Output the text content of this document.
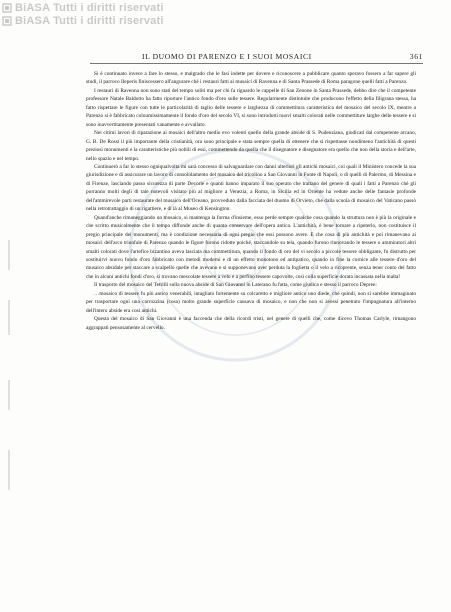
BiASA Tutti i diritti riservati
BiASA Tutti i diritti riservati
IL DUOMO DI PARENZO E I SUOI MOSAICI	361

Si è continuato invece a fare lo stesso, e malgrado che le fasi indette per dovere e riconoscere a pubblicare quanto speravo fossero a far sapere gli studi, il parroco Ileperis finiscessero all'angurare chè i restauri fatti ai musaici di Ravenna e di Santa Prassede di Roma paragone quelli fatti a Parenzo.

I restauri di Ravenna non sono stati del tempo soliti ma per chi fa riguardo le cappelle di San Zenone in Santa Prassede, debbo dire che il competente professore Natale Baldotto ha fatto riportare l'antico fondo d'oro sulle tessere. Regolarmente distintuite che producono l'effetto della filigrana stessa, ha fatto rispettare le figure con tutte le particolarità di taglio delle tessere e larghezza di commettitura caratteristica del mosaico del secolo IX, mentre a Parenzo si è fabbricato coloumissimamente il fondo d'oro del secolo VI, si sono introdotti nuovi smalti colorati nelle commettiture larghe delle tessere e si sono inavvertitamente presentati vanamente e avvallato.

Nei citimi lavori di riparazione ai mosaici dell'altro medio evo volenti quello della grande abside di S. Pudenziana, giudicati dal competente arcano, G. B. De Rossi il più importante della cristianità, ora sono principale e stata sempre quella di ottenere che si rispettasse nondimeno l'antichità di questi preziosi monumenti e la caratteristiche più nobili di essi, commettendo da quella che il disegnatore e disegnatore era quello che non della storia e dell'arte, nello spazio e nel tempo.

Continuerò a far lo stesso ogniqualvolta mi sarà concesso di salvaguardare con danni ulteriori gli antichi mosaici, coi quali il Ministero concede la sua giurisdizione e di assicurare un lavoro di consolidamento del mosaico del tricolino a San Giovanni in Fonte di Napoli, o di quelli di Palermo, di Messina e di Firenze, lasciando passo sicurezza di parte Decorie e quanti hanno imparato il suo operato che trattano del genere di quali i fatti a Parenzo chè gli porranno molti degli di tale notevoli visitato più al migliore a Venezia, a Roma, in Sicilia ed in Oriente ha vedute anche delle fantasie profonde dell'ammirevole parti restaurate del musaico dell'Oceano, provveduto dalla facciata del duomo di Orvieto, che dalla scuola di mosaico del Vaticano passò nella retrotrattaggio di un rigattiere, e di là al Museo di Kensington.

Quand'anche rimaneggiando un mosaico, si mantenga la forma d'insieme, esso perde sempre qualche cosa quando la struttura non è più la originale e che scritto musicalmente che il tempo diffonde anche di quanto conservare dell'opera antica. L'antichità, è bene tornare a ripeterlo, non costituisce il pregio principale dei monumenti, ma è condizione necessaria di ogni pregio che essi possono avere. E che cosa di più antichità e poi rimanevano ai mosaici dell'arco trionfale di Parenzo quando le figure furono ridotte poiché, staccandole su tela, quando furono rinnovando le tessere o ammiratori altri smalti colorati dove l'artefice bizantino aveva lasciata ma commettitura, quando il fondo di oro del vi secolo a piccole tessere obbligante, fu distrutto per sostituirvi nuovo fondo d'oro fabbricato con metodi moderni e di un effetto monotono ed antipatico, quando in fine la cornice alle tessere d'oro del musaico absidale per staccare a scalpello quelle che avevano e si supponevano aver perduta la foglietta o il velo a ricoprente, senza tener conto del fatto che in alcuni antichi fondi d'oro, si trovano mescolate tessere a velo e a perfino tessere capovolte, così colla superficie dorata incassata nella malta!

Il trasporto del mosaico del Tetrilli sulla nuova abside di San Giovanni in Laterano fu fatta, come giudica e stesso il parroco Depree:

…mosaico di tessere fu più antico venerabili, intagliato fortemente su colcaretto e migliore antico uno diede, chè quindi, non si sarebbe immaginato per trasportare ogni una carrozzina (cosa) molto grande superficie causava di mosaico, e non che non si avessi penetrato l'impugnatura all'interno dell'intero abside era così antichi.

Questa del mosaico di San Giovanni è una faccenda che della ricordi tristi, nel genere di quelli che, come dicevo Thomas Carlyle, rimangono aggrappati pensosamente al cervello.
